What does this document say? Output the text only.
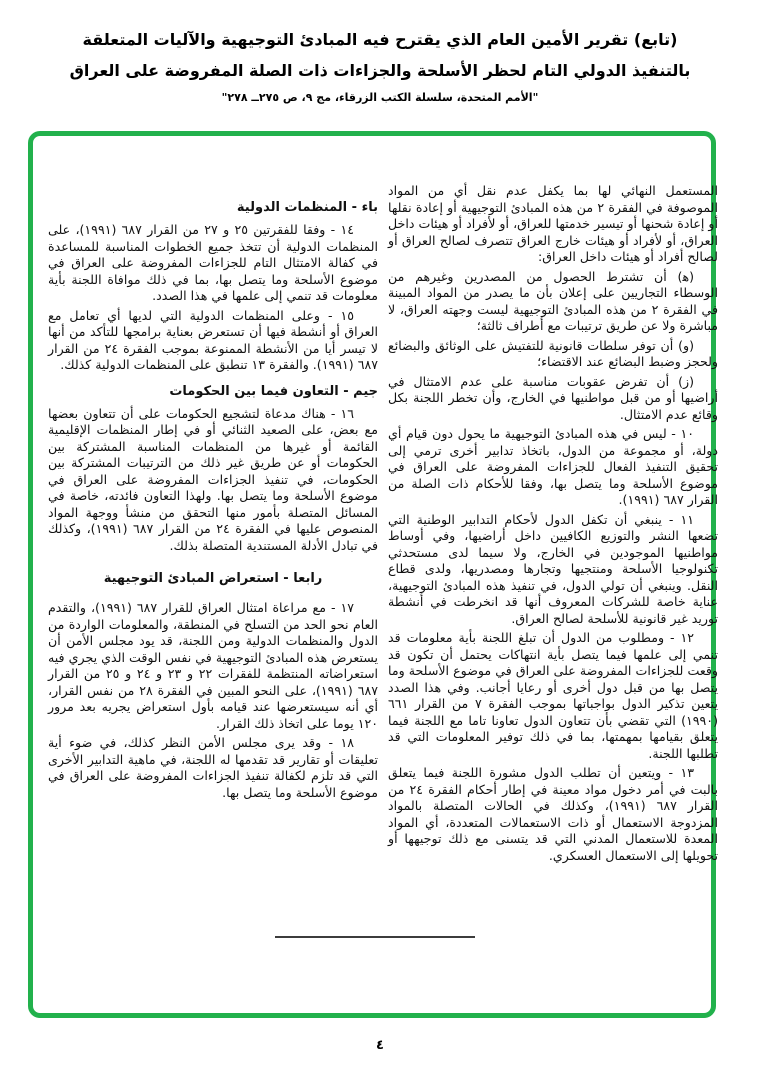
(تابع) تقرير الأمين العام الذي يقترح فيه المبادئ التوجيهية والآليات المتعلقة
بالتنفيذ الدولي التام لحظر الأسلحة والجزاءات ذات الصلة المفروضة على العراق
"الأمم المتحدة، سلسلة الكتب الزرقاء، مج ٩، ص ٢٧٥ــ ٢٧٨"

المستعمل النهائي لها بما يكفل عدم نقل أي من المواد الموصوفة في الفقرة ٢ من هذه المبادئ التوجيهية أو إعادة نقلها أو إعادة شحنها أو تيسير خدمتها للعراق، أو لأفراد أو هيئات داخل العراق، أو لأفراد أو هيئات خارج العراق تتصرف لصالح العراق أو لصالح أفراد أو هيئات داخل العراق:

(ﻫ) أن تشترط الحصول من المصدرين وغيرهم من الوسطاء التجاريين على إعلان بأن ما يصدر من المواد المبينة في الفقرة ٢ من هذه المبادئ التوجيهية ليست وجهته العراق، لا مباشرة ولا عن طريق ترتيبات مع أطراف ثالثة؛

(و) أن توفر سلطات قانونية للتفتيش على الوثائق والبضائع ولحجز وضبط البضائع عند الاقتضاء؛

(ز) أن تفرض عقوبات مناسبة على عدم الامتثال في أراضيها أو من قبل مواطنيها في الخارج، وأن تخطر اللجنة بكل وقائع عدم الامتثال.

١٠ - ليس في هذه المبادئ التوجيهية ما يحول دون قيام أي دولة، أو مجموعة من الدول، باتخاذ تدابير أخرى ترمي إلى تحقيق التنفيذ الفعال للجزاءات المفروضة على العراق في موضوع الأسلحة وما يتصل بها، وفقا للأحكام ذات الصلة من القرار ٦٨٧ (١٩٩١).

١١ - ينبغي أن تكفل الدول لأحكام التدابير الوطنية التي تضعها النشر والتوزيع الكافيين داخل أراضيها، وفي أوساط مواطنيها الموجودين في الخارج، ولا سيما لدى مستحدثي تكنولوجيا الأسلحة ومنتجيها وتجارها ومصدريها، ولدى قطاع النقل. وينبغي أن تولي الدول، في تنفيذ هذه المبادئ التوجيهية، عناية خاصة للشركات المعروف أنها قد انخرطت في أنشطة توريد غير قانونية للأسلحة لصالح العراق.

١٢ - ومطلوب من الدول أن تبلغ اللجنة بأية معلومات قد تنمي إلى علمها فيما يتصل بأية انتهاكات يحتمل أن تكون قد وقعت للجزاءات المفروضة على العراق في موضوع الأسلحة وما يتصل بها من قبل دول أخرى أو رعايا أجانب. وفي هذا الصدد يتعين تذكير الدول بواجباتها بموجب الفقرة ٧ من القرار ٦٦١ (١٩٩٠) التي تقضي بأن تتعاون الدول تعاونا تاما مع اللجنة فيما يتعلق بقيامها بمهمتها، بما في ذلك توفير المعلومات التي قد تطلبها اللجنة.

١٣ - ويتعين أن تطلب الدول مشورة اللجنة فيما يتعلق بالبت في أمر دخول مواد معينة في إطار أحكام الفقرة ٢٤ من القرار ٦٨٧ (١٩٩١)، وكذلك في الحالات المتصلة بالمواد المزدوجة الاستعمال أو ذات الاستعمالات المتعددة، أي المواد المعدة للاستعمال المدني التي قد يتسنى مع ذلك توجيهها أو تحويلها إلى الاستعمال العسكري.

باء - المنظمات الدولية

١٤ - وفقا للفقرتين ٢٥ و ٢٧ من القرار ٦٨٧ (١٩٩١)، على المنظمات الدولية أن تتخذ جميع الخطوات المناسبة للمساعدة في كفالة الامتثال التام للجزاءات المفروضة على العراق في موضوع الأسلحة وما يتصل بها، بما في ذلك موافاة اللجنة بأية معلومات قد تنمي إلى علمها في هذا الصدد.

١٥ - وعلى المنظمات الدولية التي لديها أي تعامل مع العراق أو أنشطة فيها أن تستعرض بعناية برامجها للتأكد من أنها لا تيسر أيا من الأنشطة الممنوعة بموجب الفقرة ٢٤ من القرار ٦٨٧ (١٩٩١). والفقرة ١٣ تنطبق على المنظمات الدولية كذلك.

جيم - التعاون فيما بين الحكومات

١٦ - هناك مدعاة لتشجيع الحكومات على أن تتعاون بعضها مع بعض، على الصعيد الثنائي أو في إطار المنظمات الإقليمية القائمة أو غيرها من المنظمات المناسبة المشتركة بين الحكومات أو عن طريق غير ذلك من الترتيبات المشتركة بين الحكومات، في تنفيذ الجزاءات المفروضة على العراق في موضوع الأسلحة وما يتصل بها. ولهذا التعاون فائدته، خاصة في المسائل المتصلة بأمور منها التحقق من منشأ ووجهة المواد المنصوص عليها في الفقرة ٢٤ من القرار ٦٨٧ (١٩٩١)، وكذلك في تبادل الأدلة المستندية المتصلة بذلك.

رابعا - استعراض المبادئ التوجيهية

١٧ - مع مراعاة امتثال العراق للقرار ٦٨٧ (١٩٩١)، والتقدم العام نحو الحد من التسلح في المنطقة، والمعلومات الواردة من الدول والمنظمات الدولية ومن اللجنة، قد يود مجلس الأمن أن يستعرض هذه المبادئ التوجيهية في نفس الوقت الذي يجري فيه استعراضاته المنتظمة للفقرات ٢٢ و ٢٣ و ٢٤ و ٢٥ من القرار ٦٨٧ (١٩٩١)، على النحو المبين في الفقرة ٢٨ من نفس القرار، أي أنه سيستعرضها عند قيامه بأول استعراض يجريه بعد مرور ١٢٠ يوما على اتخاذ ذلك القرار.

١٨ - وقد يرى مجلس الأمن النظر كذلك، في ضوء أية تعليقات أو تقارير قد تقدمها له اللجنة، في ماهية التدابير الأخرى التي قد تلزم لكفالة تنفيذ الجزاءات المفروضة على العراق في موضوع الأسلحة وما يتصل بها.

٤
